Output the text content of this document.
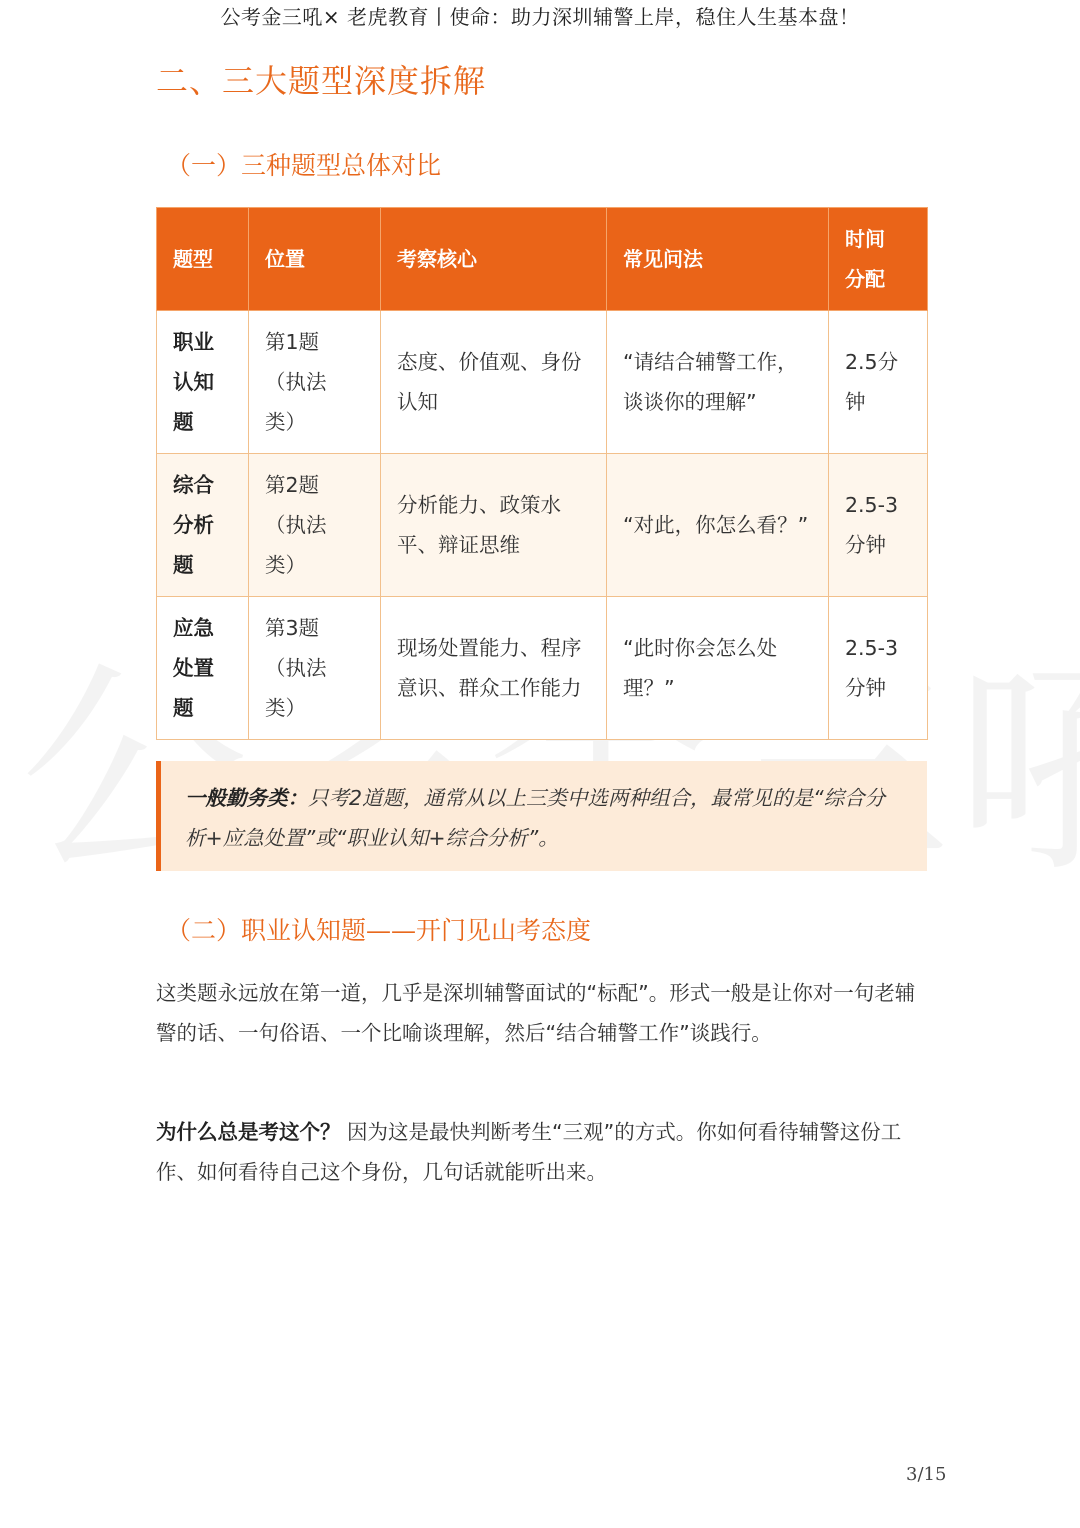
公考金三吼× 老虎教育丨使命：助力深圳辅警上岸，稳住人生基本盘！
二、三大题型深度拆解
（一）三种题型总体对比
题型	位置	考察核心	常见问法	时间分配
职业认知题	第1题（执法类）	态度、价值观、身份认知	“请结合辅警工作，谈谈你的理解”	2.5分钟
综合分析题	第2题（执法类）	分析能力、政策水平、辩证思维	“对此，你怎么看？”	2.5-3分钟
应急处置题	第3题（执法类）	现场处置能力、程序意识、群众工作能力	“此时你会怎么处理？”	2.5-3分钟
一般勤务类：只考2道题，通常从以上三类中选两种组合，最常见的是“综合分析+应急处置”或“职业认知+综合分析”。
（二）职业认知题——开门见山考态度

这类题永远放在第一道，几乎是深圳辅警面试的“标配”。形式一般是让你对一句老辅警的话、一句俗语、一个比喻谈理解，然后“结合辅警工作”谈践行。

为什么总是考这个？ 因为这是最快判断考生“三观”的方式。你如何看待辅警这份工作、如何看待自己这个身份，几句话就能听出来。

3/15
